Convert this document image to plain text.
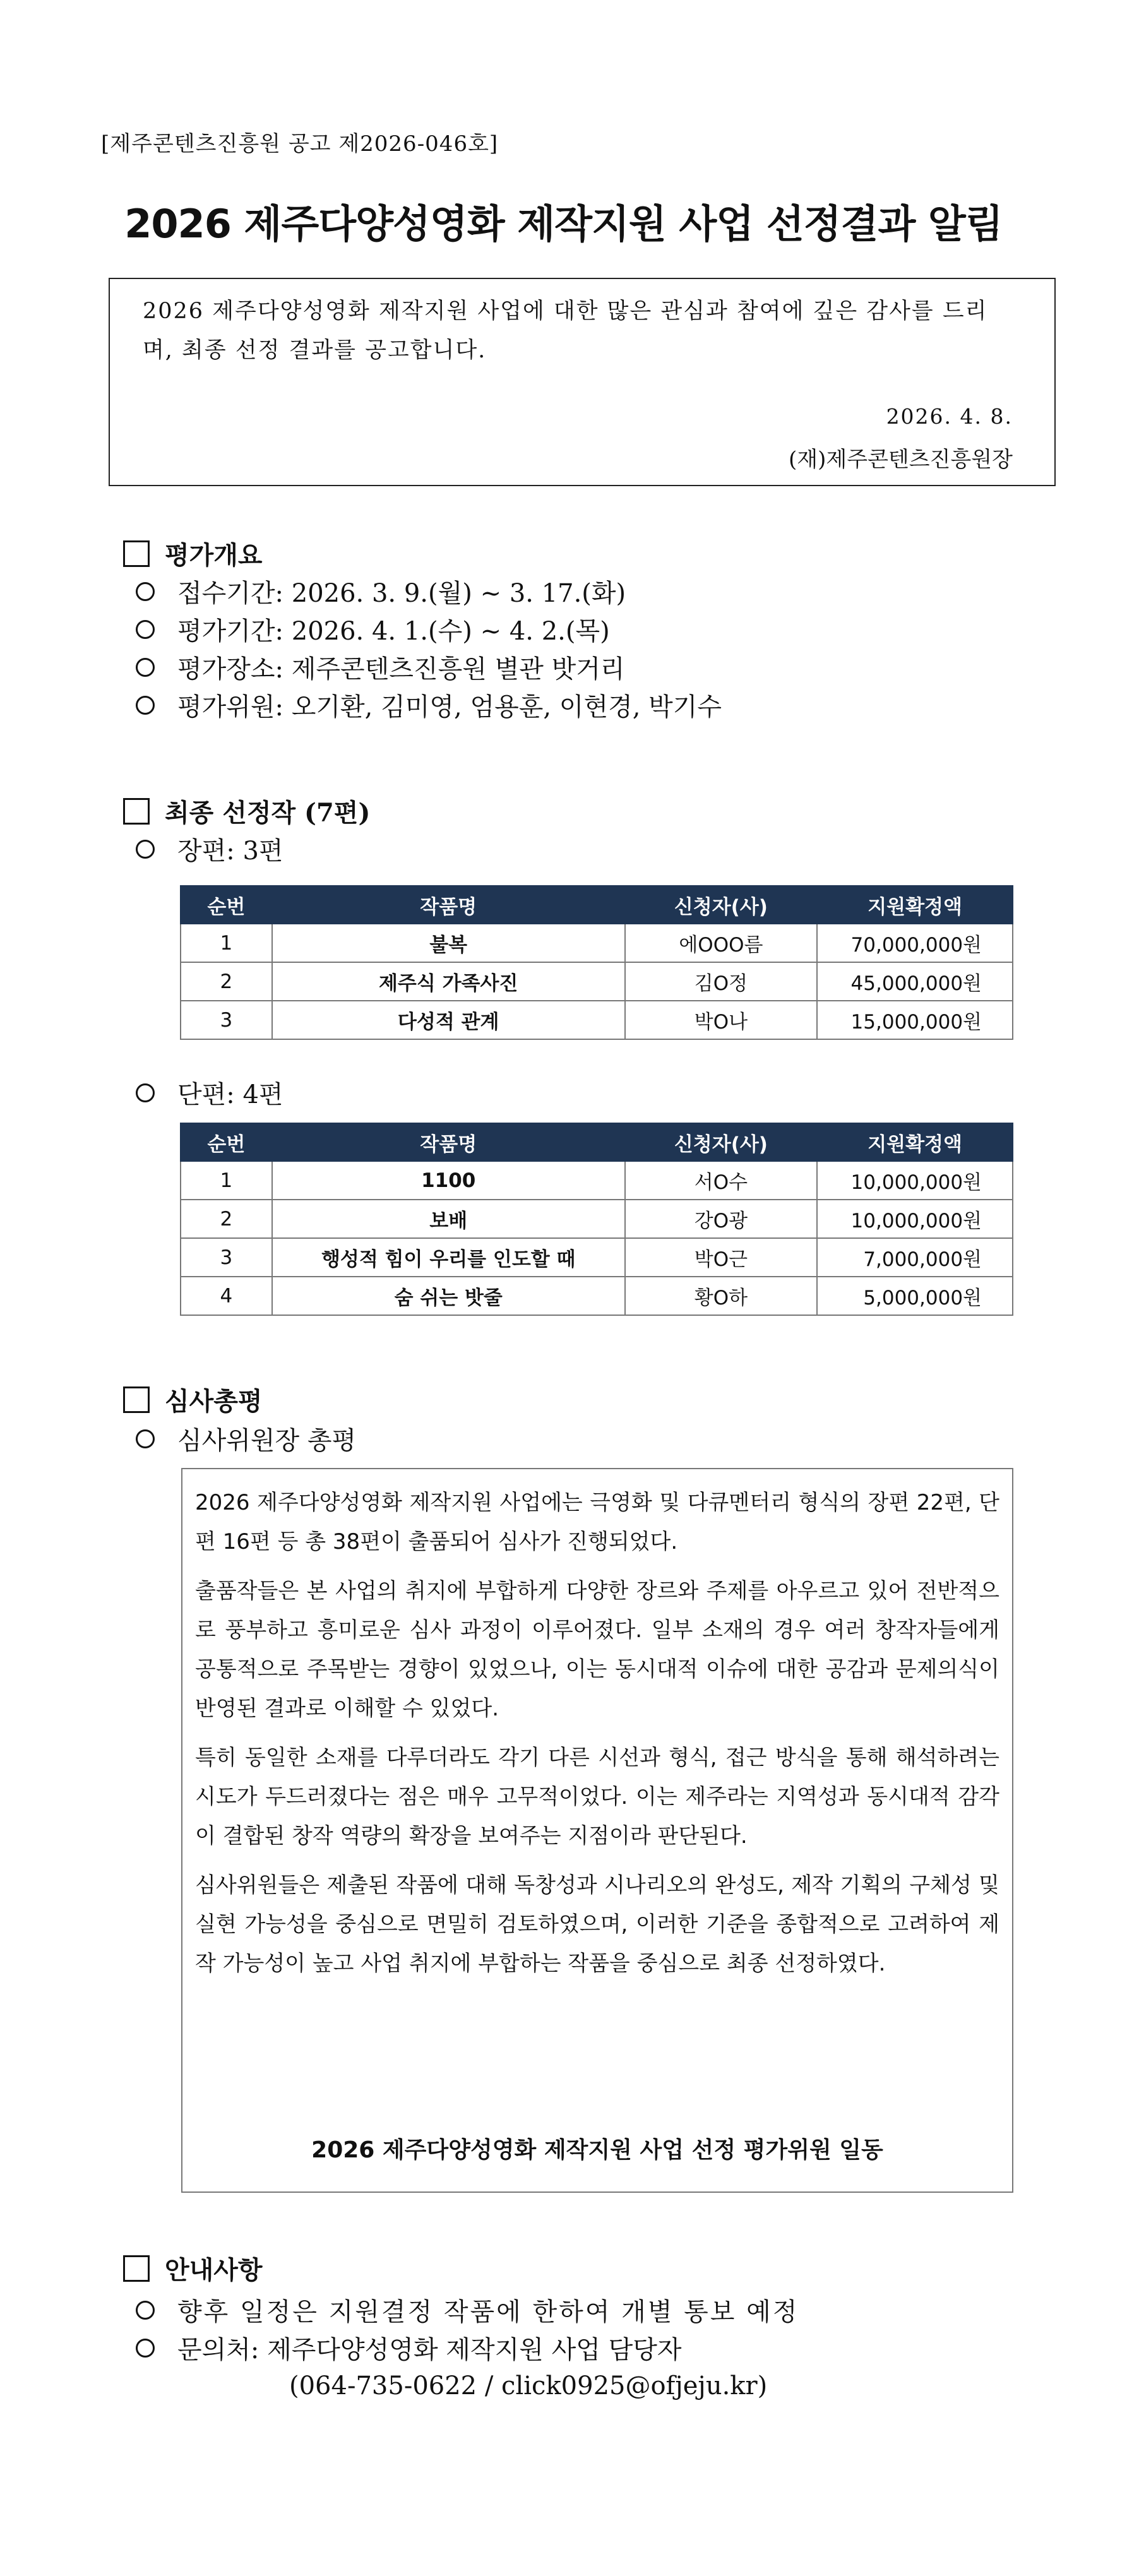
[제주콘텐츠진흥원 공고 제2026-046호]
2026 제주다양성영화 제작지원 사업 선정결과 알림
2026 제주다양성영화 제작지원 사업에 대한 많은 관심과 참여에 깊은 감사를 드리며, 최종 선정 결과를 공고합니다.
2026. 4. 8.
(재)제주콘텐츠진흥원장
평가개요
접수기간: 2026. 3. 9.(월) ~ 3. 17.(화)
평가기간: 2026. 4. 1.(수) ~ 4. 2.(목)
평가장소: 제주콘텐츠진흥원 별관 밧거리
평가위원: 오기환, 김미영, 엄용훈, 이현경, 박기수
최종 선정작 (7편)
장편: 3편
순번	작품명	신청자(사)	지원확정액
1	불복	에OOO름	70,000,000원
2	제주식 가족사진	김O정	45,000,000원
3	다성적 관계	박O나	15,000,000원
단편: 4편
순번	작품명	신청자(사)	지원확정액
1	1100	서O수	10,000,000원
2	보배	강O광	10,000,000원
3	행성적 힘이 우리를 인도할 때	박O근	7,000,000원
4	숨 쉬는 밧줄	황O하	5,000,000원
심사총평
심사위원장 총평

2026 제주다양성영화 제작지원 사업에는 극영화 및 다큐멘터리 형식의 장편 22편, 단편 16편 등 총 38편이 출품되어 심사가 진행되었다.

출품작들은 본 사업의 취지에 부합하게 다양한 장르와 주제를 아우르고 있어 전반적으로 풍부하고 흥미로운 심사 과정이 이루어졌다. 일부 소재의 경우 여러 창작자들에게 공통적으로 주목받는 경향이 있었으나, 이는 동시대적 이슈에 대한 공감과 문제의식이 반영된 결과로 이해할 수 있었다.

특히 동일한 소재를 다루더라도 각기 다른 시선과 형식, 접근 방식을 통해 해석하려는 시도가 두드러졌다는 점은 매우 고무적이었다. 이는 제주라는 지역성과 동시대적 감각이 결합된 창작 역량의 확장을 보여주는 지점이라 판단된다.

심사위원들은 제출된 작품에 대해 독창성과 시나리오의 완성도, 제작 기획의 구체성 및 실현 가능성을 중심으로 면밀히 검토하였으며, 이러한 기준을 종합적으로 고려하여 제작 가능성이 높고 사업 취지에 부합하는 작품을 중심으로 최종 선정하였다.

2026 제주다양성영화 제작지원 사업 선정 평가위원 일동
안내사항
향후 일정은 지원결정 작품에 한하여 개별 통보 예정
문의처: 제주다양성영화 제작지원 사업 담당자
(064-735-0622 / click0925@ofjeju.kr)
